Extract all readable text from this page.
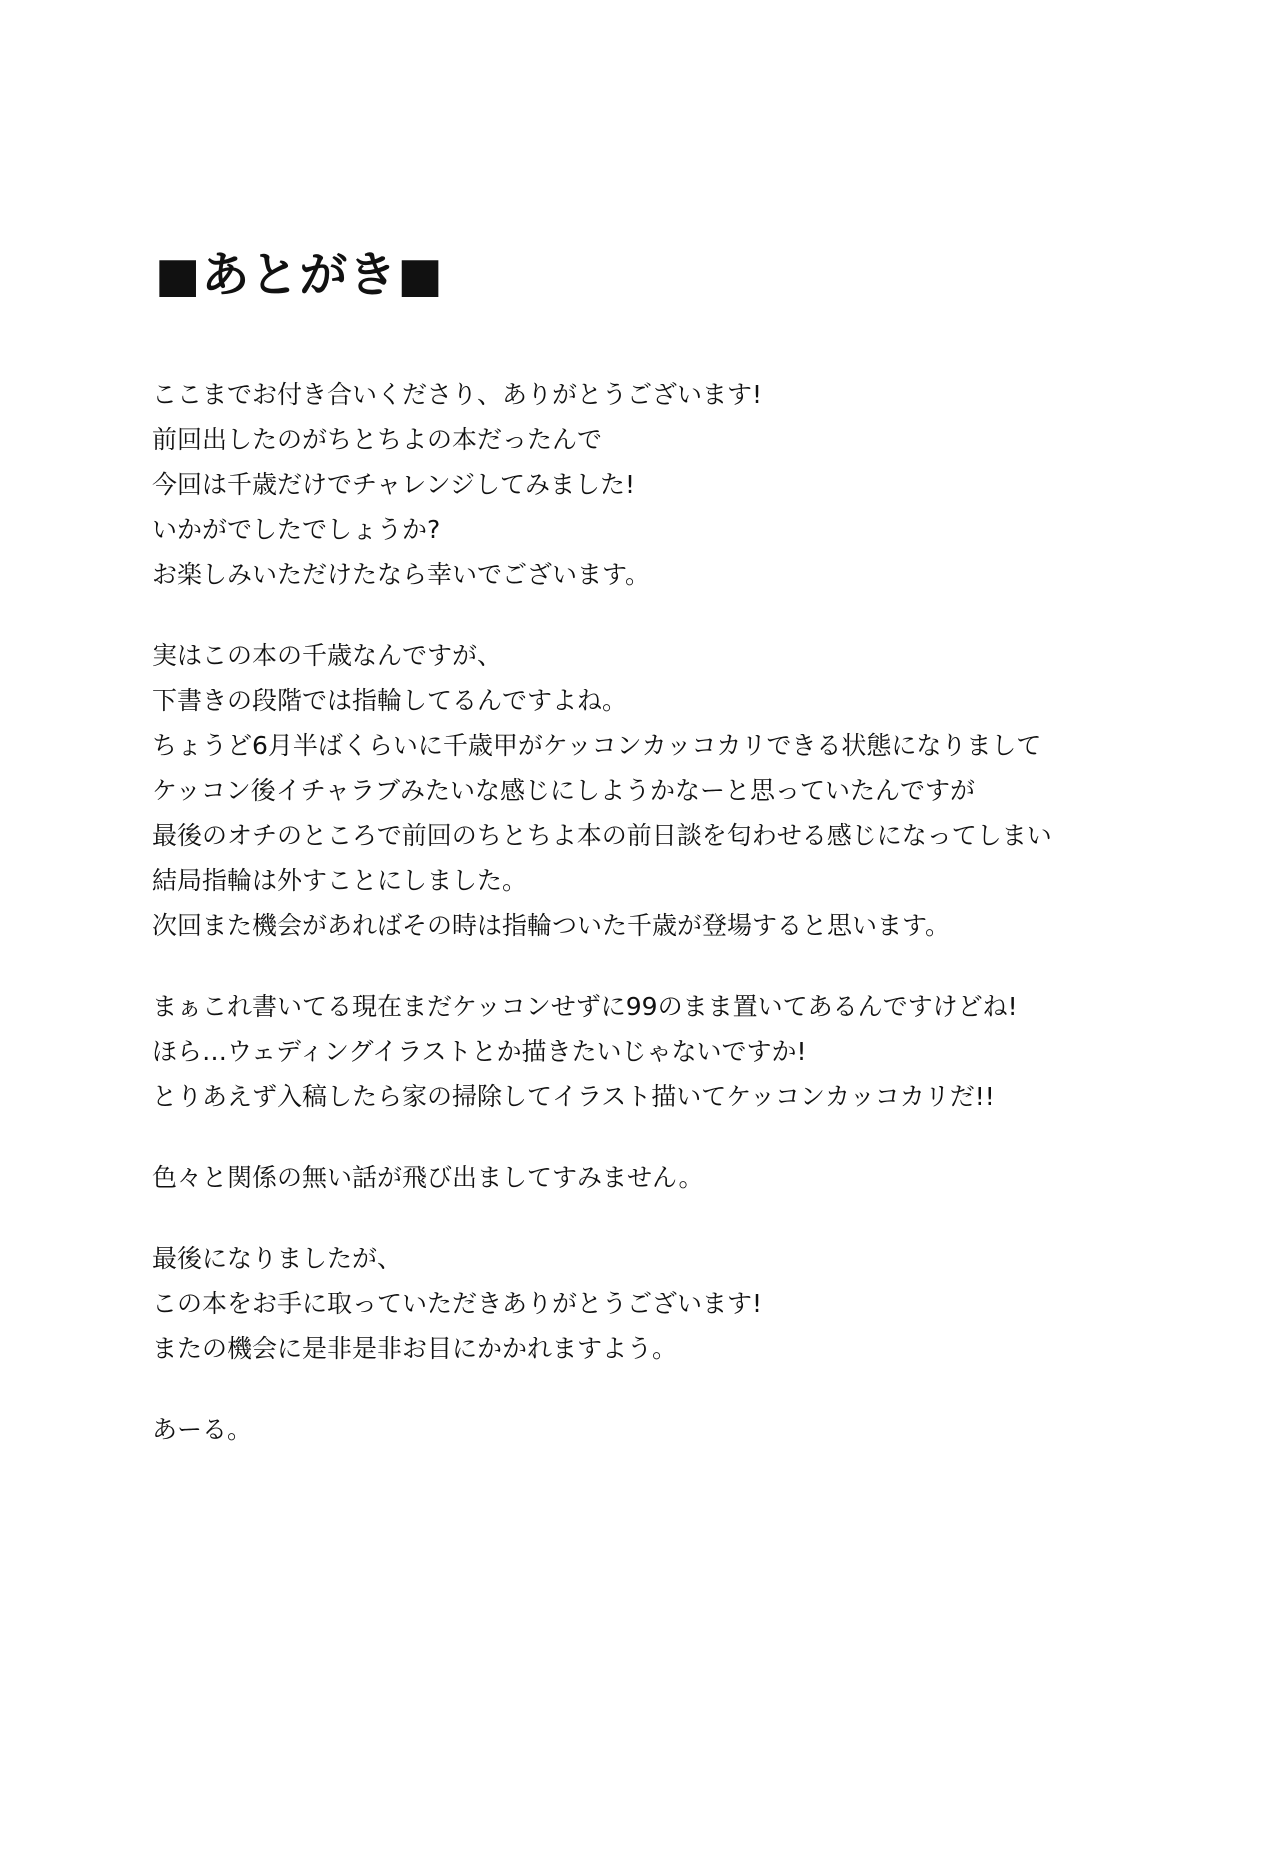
■あとがき■
ここまでお付き合いくださり、ありがとうございます!
前回出したのがちとちよの本だったんで
今回は千歳だけでチャレンジしてみました!
いかがでしたでしょうか?
お楽しみいただけたなら幸いでございます。
実はこの本の千歳なんですが、
下書きの段階では指輪してるんですよね。
ちょうど6月半ばくらいに千歳甲がケッコンカッコカリできる状態になりまして
ケッコン後イチャラブみたいな感じにしようかなーと思っていたんですが
最後のオチのところで前回のちとちよ本の前日談を匂わせる感じになってしまい
結局指輪は外すことにしました。
次回また機会があればその時は指輪ついた千歳が登場すると思います。
まぁこれ書いてる現在まだケッコンせずに99のまま置いてあるんですけどね!
ほら…ウェディングイラストとか描きたいじゃないですか!
とりあえず入稿したら家の掃除してイラスト描いてケッコンカッコカリだ!!
色々と関係の無い話が飛び出ましてすみません。
最後になりましたが、
この本をお手に取っていただきありがとうございます!
またの機会に是非是非お目にかかれますよう。
あーる。
